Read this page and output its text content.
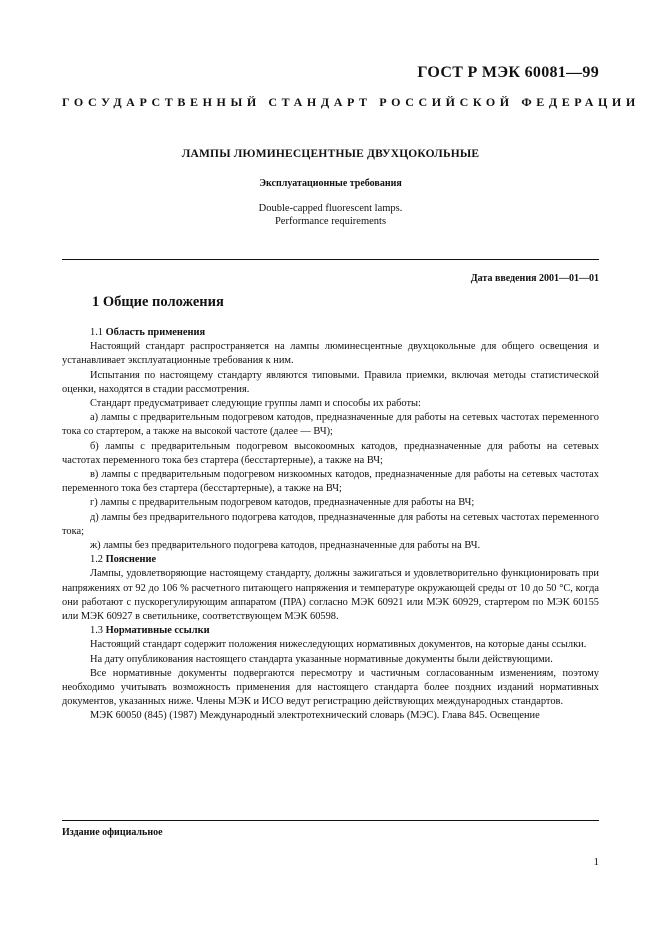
ГОСТ Р МЭК 60081—99
ГОСУДАРСТВЕННЫЙ СТАНДАРТ РОССИЙСКОЙ ФЕДЕРАЦИИ
ЛАМПЫ ЛЮМИНЕСЦЕНТНЫЕ ДВУХЦОКОЛЬНЫЕ
Эксплуатационные требования
Double-capped fluorescent lamps.
Performance requirements
Дата введения 2001—01—01
1 Общие положения

1.1 Область применения

Настоящий стандарт распространяется на лампы люминесцентные двухцокольные для общего освещения и устанавливает эксплуатационные требования к ним.

Испытания по настоящему стандарту являются типовыми. Правила приемки, включая методы статистической оценки, находятся в стадии рассмотрения.

Стандарт предусматривает следующие группы ламп и способы их работы:

а) лампы с предварительным подогревом катодов, предназначенные для работы на сетевых частотах переменного тока со стартером, а также на высокой частоте (далее — ВЧ);

б) лампы с предварительным подогревом высокоомных катодов, предназначенные для работы на сетевых частотах переменного тока без стартера (бесстартерные), а также на ВЧ;

в) лампы с предварительным подогревом низкоомных катодов, предназначенные для работы на сетевых частотах переменного тока без стартера (бесстартерные), а также на ВЧ;

г) лампы с предварительным подогревом катодов, предназначенные для работы на ВЧ;

д) лампы без предварительного подогрева катодов, предназначенные для работы на сетевых частотах переменного тока;

ж) лампы без предварительного подогрева катодов, предназначенные для работы на ВЧ.

1.2 Пояснение

Лампы, удовлетворяющие настоящему стандарту, должны зажигаться и удовлетворительно функционировать при напряжениях от 92 до 106 % расчетного питающего напряжения и температуре окружающей среды от 10 до 50 °С, когда они работают с пускорегулирующим аппаратом (ПРА) согласно МЭК 60921 или МЭК 60929, стартером по МЭК 60155 или МЭК 60927 в светильнике, соответствующем МЭК 60598.

1.3 Нормативные ссылки

Настоящий стандарт содержит положения нижеследующих нормативных документов, на которые даны ссылки.

На дату опубликования настоящего стандарта указанные нормативные документы были действующими.

Все нормативные документы подвергаются пересмотру и частичным согласованным изменениям, поэтому необходимо учитывать возможность применения для настоящего стандарта более поздних изданий нормативных документов, указанных ниже. Члены МЭК и ИСО ведут регистрацию действующих международных стандартов.

МЭК 60050 (845) (1987) Международный электротехнический словарь (МЭС). Глава 845. Освещение

Издание официальное
1
